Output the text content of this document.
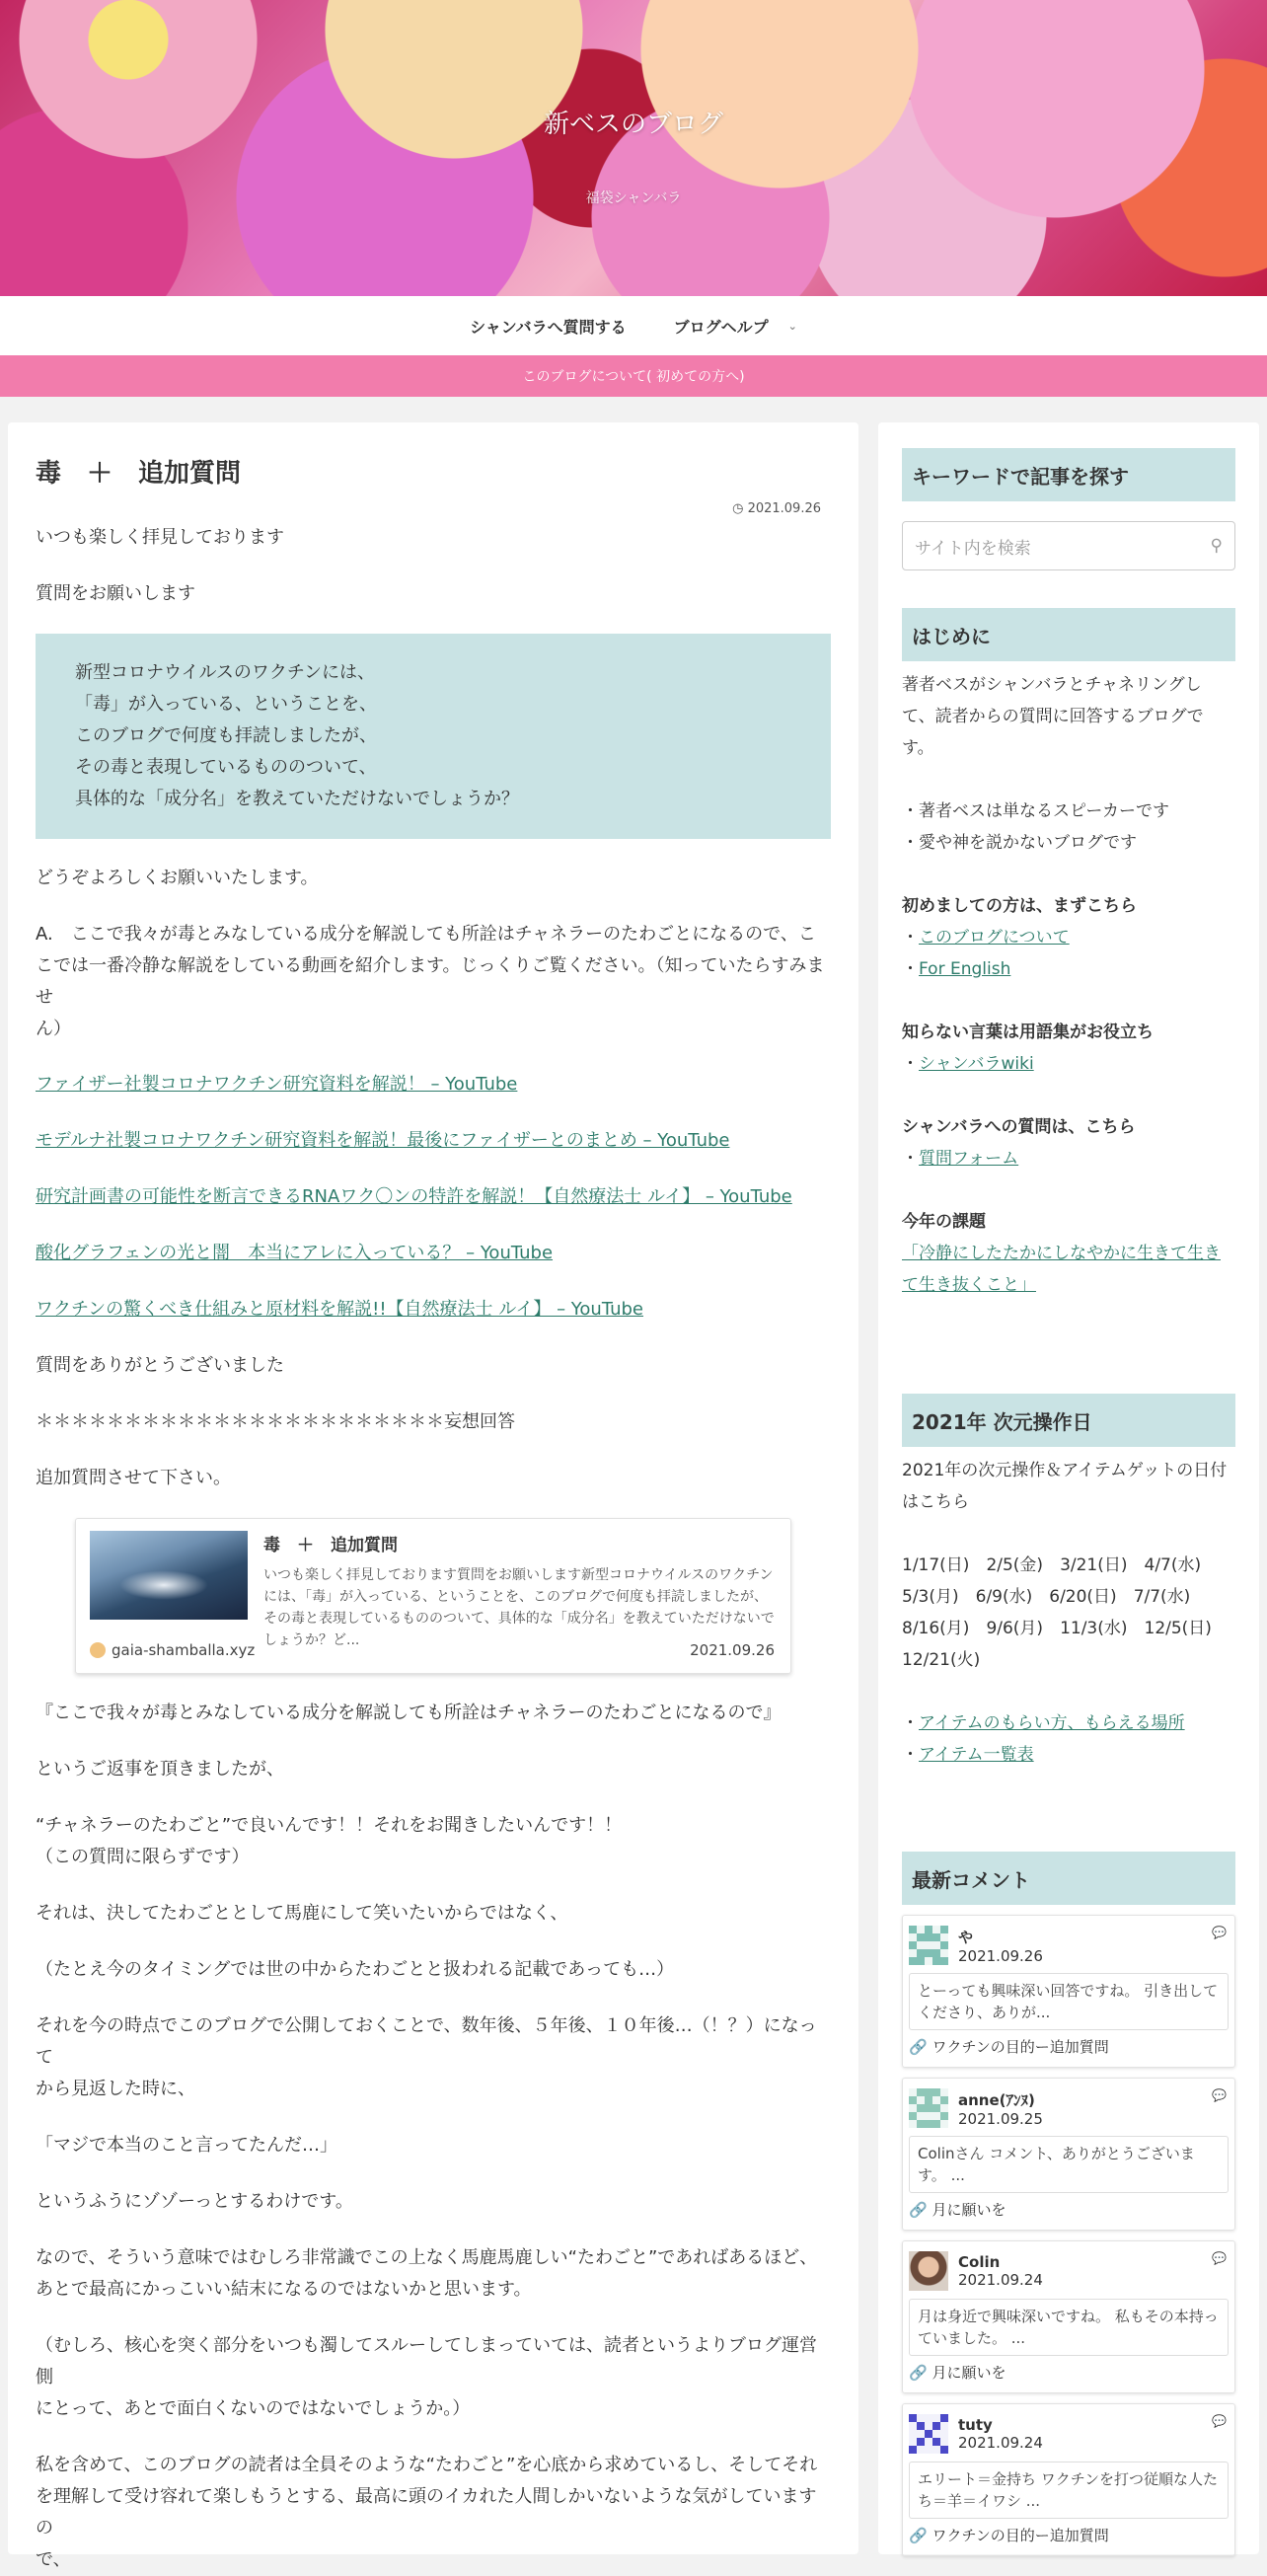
新ベスのブログ
福袋シャンバラ
シャンバラへ質問する	ブログヘルプ ⌄
このブログについて( 初めての方へ)
毒　＋　追加質問
◷ 2021.09.26

いつも楽しく拝見しております

質問をお願いします

新型コロナウイルスのワクチンには、
「毒」が入っている、ということを、
このブログで何度も拝読しましたが、
その毒と表現しているもののついて、
具体的な「成分名」を教えていただけないでしょうか？

どうぞよろしくお願いいたします。

A.　ここで我々が毒とみなしている成分を解説しても所詮はチャネラーのたわごとになるので、こ
こでは一番冷静な解説をしている動画を紹介します。じっくりご覧ください。（知っていたらすみませ
ん）

ファイザー社製コロナワクチン研究資料を解説！ – YouTube

モデルナ社製コロナワクチン研究資料を解説！最後にファイザーとのまとめ – YouTube

研究計画書の可能性を断言できるRNAワク〇ンの特許を解説！【自然療法士 ルイ】 – YouTube

酸化グラフェンの光と闇　本当にアレに入っている？ – YouTube

ワクチンの驚くべき仕組みと原材料を解説!!【自然療法士 ルイ】 – YouTube

質問をありがとうございました

＊＊＊＊＊＊＊＊＊＊＊＊＊＊＊＊＊＊＊＊＊＊＊妄想回答

追加質問させて下さい。

毒　＋　追加質問
いつも楽しく拝見しております質問をお願いします新型コロナウイルスのワクチンには、「毒」が入っている、ということを、このブログで何度も拝読しましたが、その毒と表現しているもののついて、具体的な「成分名」を教えていただけないでしょうか？ど...
gaia-shamballa.xyz	2021.09.26

『ここで我々が毒とみなしている成分を解説しても所詮はチャネラーのたわごとになるので』

というご返事を頂きましたが、

“チャネラーのたわごと”で良いんです！！それをお聞きしたいんです！！
（この質問に限らずです）

それは、決してたわごととして馬鹿にして笑いたいからではなく、

（たとえ今のタイミングでは世の中からたわごとと扱われる記載であっても…）

それを今の時点でこのブログで公開しておくことで、数年後、５年後、１０年後…（！？）になって
から見返した時に、

「マジで本当のこと言ってたんだ…」

というふうにゾゾーっとするわけです。

なので、そういう意味ではむしろ非常識でこの上なく馬鹿馬鹿しい“たわごと”であればあるほど、
あとで最高にかっこいい結末になるのではないかと思います。
（むしろ、核心を突く部分をいつも濁してスルーしてしまっていては、読者というよりブログ運営側
にとって、あとで面白くないのではないでしょうか。）
私を含めて、このブログの読者は全員そのような“たわごと”を心底から求めているし、そしてそれ
を理解して受け容れて楽しもうとする、最高に頭のイカれた人間しかいないような気がしていますの
で、
キーワードで記事を探す
サイト内を検索	⚲
はじめに

著者ベスがシャンバラとチャネリングし

て、読者からの質問に回答するブログで

す。

・著者ベスは単なるスピーカーです

・愛や神を説かないブログです

初めましての方は、まずこちら

・このブログについて

・For English

知らない言葉は用語集がお役立ち

・シャンバラwiki

シャンバラへの質問は、こちら

・質問フォーム

今年の課題

「冷静にしたたかにしなやかに生きて生き

て生き抜くこと」

2021年 次元操作日

2021年の次元操作＆アイテムゲットの日付

はこちら

1/17(日)　2/5(金)　3/21(日)　4/7(水)

5/3(月)　6/9(水)　6/20(日)　7/7(水)

8/16(月)　9/6(月)　11/3(水)　12/5(日)

12/21(火)

・アイテムのもらい方、もらえる場所

・アイテム一覧表

最新コメント
💬
や
2021.09.26
とーっても興味深い回答ですね。 引き出してくださり、ありが...
🔗 ワクチンの目的ー追加質問
💬
anne(ｱﾝﾇ)
2021.09.25
Colinさん コメント、ありがとうございます。 ...
🔗 月に願いを
💬
Colin
2021.09.24
月は身近で興味深いですね。 私もその本持っていました。 ...
🔗 月に願いを
💬
tuty
2021.09.24
エリート＝金持ち ワクチンを打つ従順な人たち＝羊＝イワシ ...
🔗 ワクチンの目的ー追加質問
